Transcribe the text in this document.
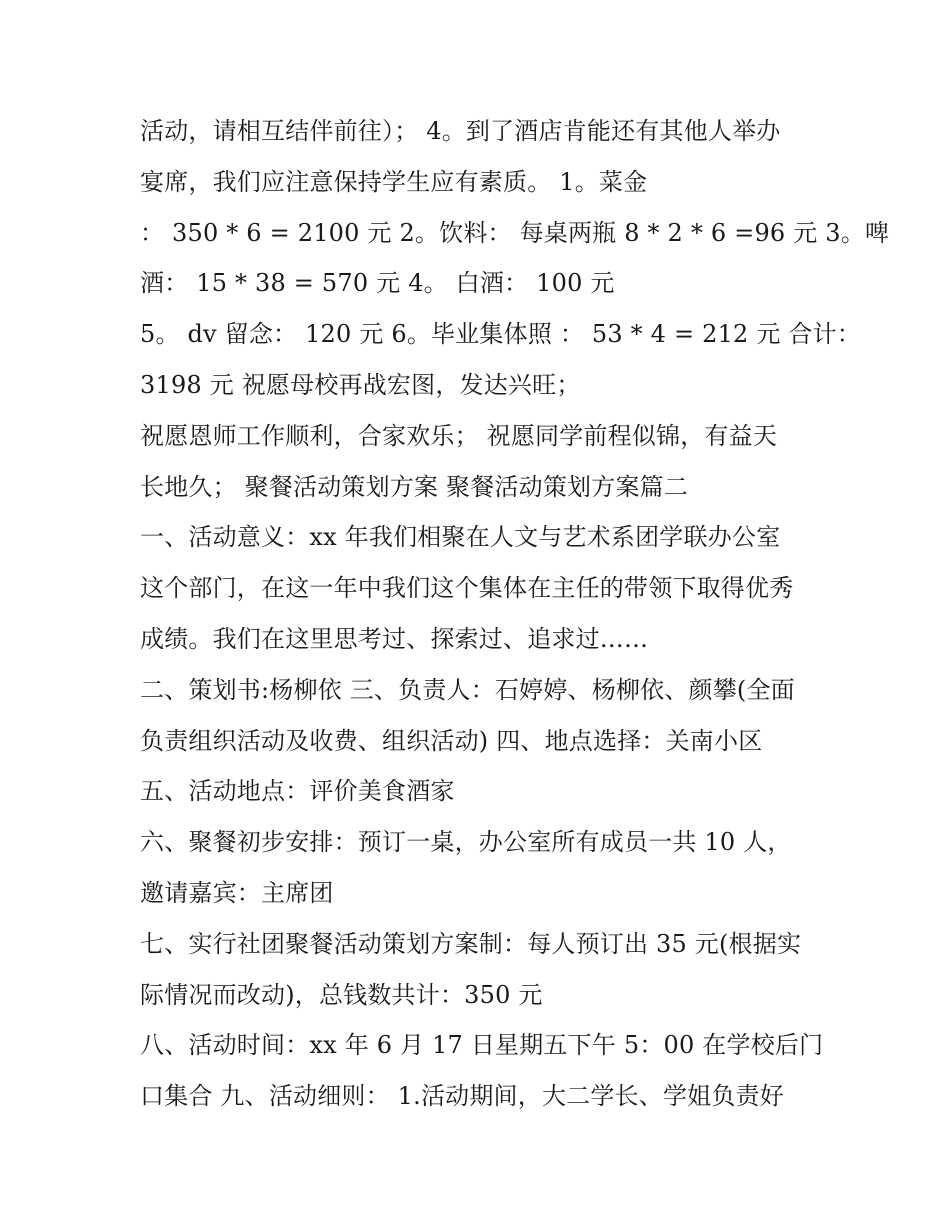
活动，请相互结伴前往）； 4。到了酒店肯能还有其他人举办
宴席，我们应注意保持学生应有素质。 1。菜金
： 350 * 6 = 2100 元 2。饮料： 每桌两瓶 8 * 2 * 6 =96 元 3。啤
酒： 15 * 38 = 570 元 4。 白酒： 100 元
5。 dv 留念： 120 元 6。毕业集体照 ： 53 * 4 = 212 元 合计：
3198 元 祝愿母校再战宏图，发达兴旺；
祝愿恩师工作顺利，合家欢乐； 祝愿同学前程似锦，有益天
长地久； 聚餐活动策划方案 聚餐活动策划方案篇二
一、活动意义：xx 年我们相聚在人文与艺术系团学联办公室
这个部门，在这一年中我们这个集体在主任的带领下取得优秀
成绩。我们在这里思考过、探索过、追求过……
二、策划书:杨柳依 三、负责人：石婷婷、杨柳依、颜攀(全面
负责组织活动及收费、组织活动) 四、地点选择：关南小区
五、活动地点：评价美食酒家
六、聚餐初步安排：预订一桌，办公室所有成员一共 10 人，
邀请嘉宾：主席团
七、实行社团聚餐活动策划方案制：每人预订出 35 元(根据实
际情况而改动)，总钱数共计：350 元
八、活动时间：xx 年 6 月 17 日星期五下午 5：00 在学校后门
口集合 九、活动细则： 1.活动期间，大二学长、学姐负责好
